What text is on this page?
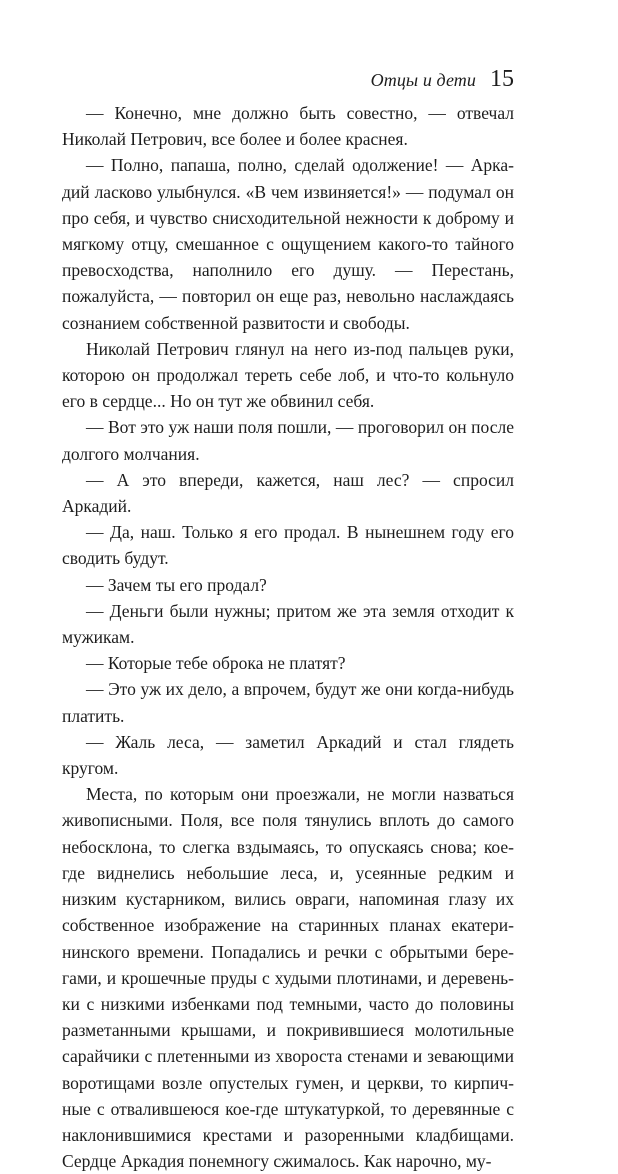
Отцы и дети 15

— Конечно, мне должно быть совестно, — отвечал Николай Петрович, все более и более краснея.

— Полно, папаша, полно, сделай одолжение! — Аркадий ласково улыбнулся. «В чем извиняется!» — подумал он про себя, и чувство снисходительной нежности к доброму и мягкому отцу, смешанное с ощущением какого-то тайного превосходства, наполнило его душу. — Перестань, пожалуйста, — повторил он еще раз, невольно наслаждаясь сознанием собственной развитости и свободы.

Николай Петрович глянул на него из-под пальцев руки, которою он продолжал тереть себе лоб, и что-то кольнуло его в сердце... Но он тут же обвинил себя.

— Вот это уж наши поля пошли, — проговорил он после долгого молчания.

— А это впереди, кажется, наш лес? — спросил Аркадий.

— Да, наш. Только я его продал. В нынешнем году его сводить будут.

— Зачем ты его продал?

— Деньги были нужны; притом же эта земля отходит к мужикам.

— Которые тебе оброка не платят?

— Это уж их дело, а впрочем, будут же они когда-нибудь платить.

— Жаль леса, — заметил Аркадий и стал глядеть кругом.

Места, по которым они проезжали, не могли назваться живописными. Поля, все поля тянулись вплоть до самого небосклона, то слегка вздымаясь, то опускаясь снова; кое-где виднелись небольшие леса, и, усеянные редким и низким кустарником, вились овраги, напоминая глазу их собственное изображение на старинных планах екатерининского времени. Попадались и речки с обрытыми берегами, и крошечные пруды с худыми плотинами, и деревеньки с низкими избенками под темными, часто до половины разметанными крышами, и покривившиеся молотильные сарайчики с плетенными из хвороста стенами и зевающими воротищами возле опустелых гумен, и церкви, то кирпичные с отвалившеюся кое-где штукатуркой, то деревянные с наклонившимися крестами и разоренными кладбищами. Сердце Аркадия понемногу сжималось. Как нарочно, му-
